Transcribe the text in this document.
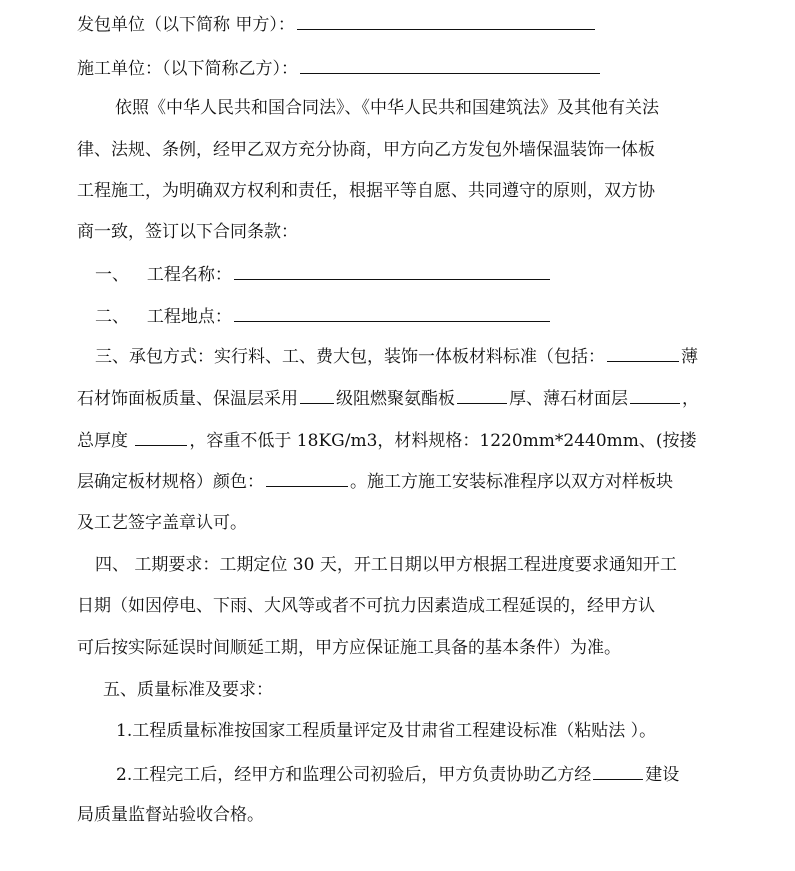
发包单位（以下简称 甲方）：
施工单位：（以下简称乙方）：
依照《中华人民共和国合同法》、《中华人民共和国建筑法》及其他有关法
律、法规、条例，经甲乙双方充分协商，甲方向乙方发包外墙保温装饰一体板
工程施工，为明确双方权利和责任，根据平等自愿、共同遵守的原则，双方协
商一致，签订以下合同条款：
一、 工程名称：
二、 工程地点：
三、承包方式：实行料、工、费大包，装饰一体板材料标准（包括：	薄
石材饰面板质量、保温层采用 级阻燃聚氨酯板	厚、薄石材面层	，
总厚度	，容重不低于 18KG/m3，材料规格：1220mm*2440mm、(按搂
层确定板材规格）颜色：	。施工方施工安装标准程序以双方对样板块
及工艺签字盖章认可。
四、 工期要求：工期定位 30 天，开工日期以甲方根据工程进度要求通知开工
日期（如因停电、下雨、大风等或者不可抗力因素造成工程延误的，经甲方认
可后按实际延误时间顺延工期，甲方应保证施工具备的基本条件）为准。
五、质量标准及要求：
1.工程质量标准按国家工程质量评定及甘肃省工程建设标准（粘贴法 ）。
2.工程完工后，经甲方和监理公司初验后，甲方负责协助乙方经	建设
局质量监督站验收合格。
